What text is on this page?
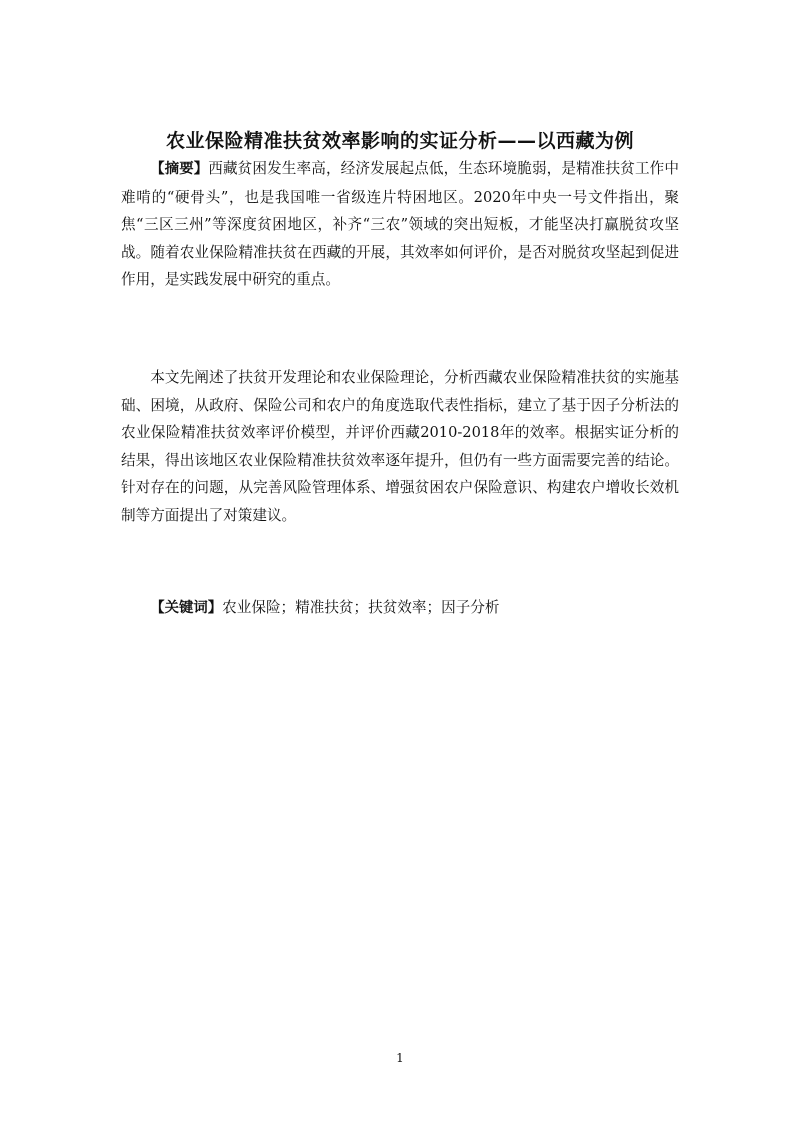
农业保险精准扶贫效率影响的实证分析——以西藏为例

【摘要】西藏贫困发生率高，经济发展起点低，生态环境脆弱，是精准扶贫工作中难啃的“硬骨头”，也是我国唯一省级连片特困地区。2020年中央一号文件指出，聚焦“三区三州”等深度贫困地区，补齐“三农”领域的突出短板，才能坚决打赢脱贫攻坚战。随着农业保险精准扶贫在西藏的开展，其效率如何评价，是否对脱贫攻坚起到促进作用，是实践发展中研究的重点。

本文先阐述了扶贫开发理论和农业保险理论，分析西藏农业保险精准扶贫的实施基础、困境，从政府、保险公司和农户的角度选取代表性指标，建立了基于因子分析法的农业保险精准扶贫效率评价模型，并评价西藏2010-2018年的效率。根据实证分析的结果，得出该地区农业保险精准扶贫效率逐年提升，但仍有一些方面需要完善的结论。针对存在的问题，从完善风险管理体系、增强贫困农户保险意识、构建农户增收长效机制等方面提出了对策建议。

【关键词】农业保险；精准扶贫；扶贫效率；因子分析

1
